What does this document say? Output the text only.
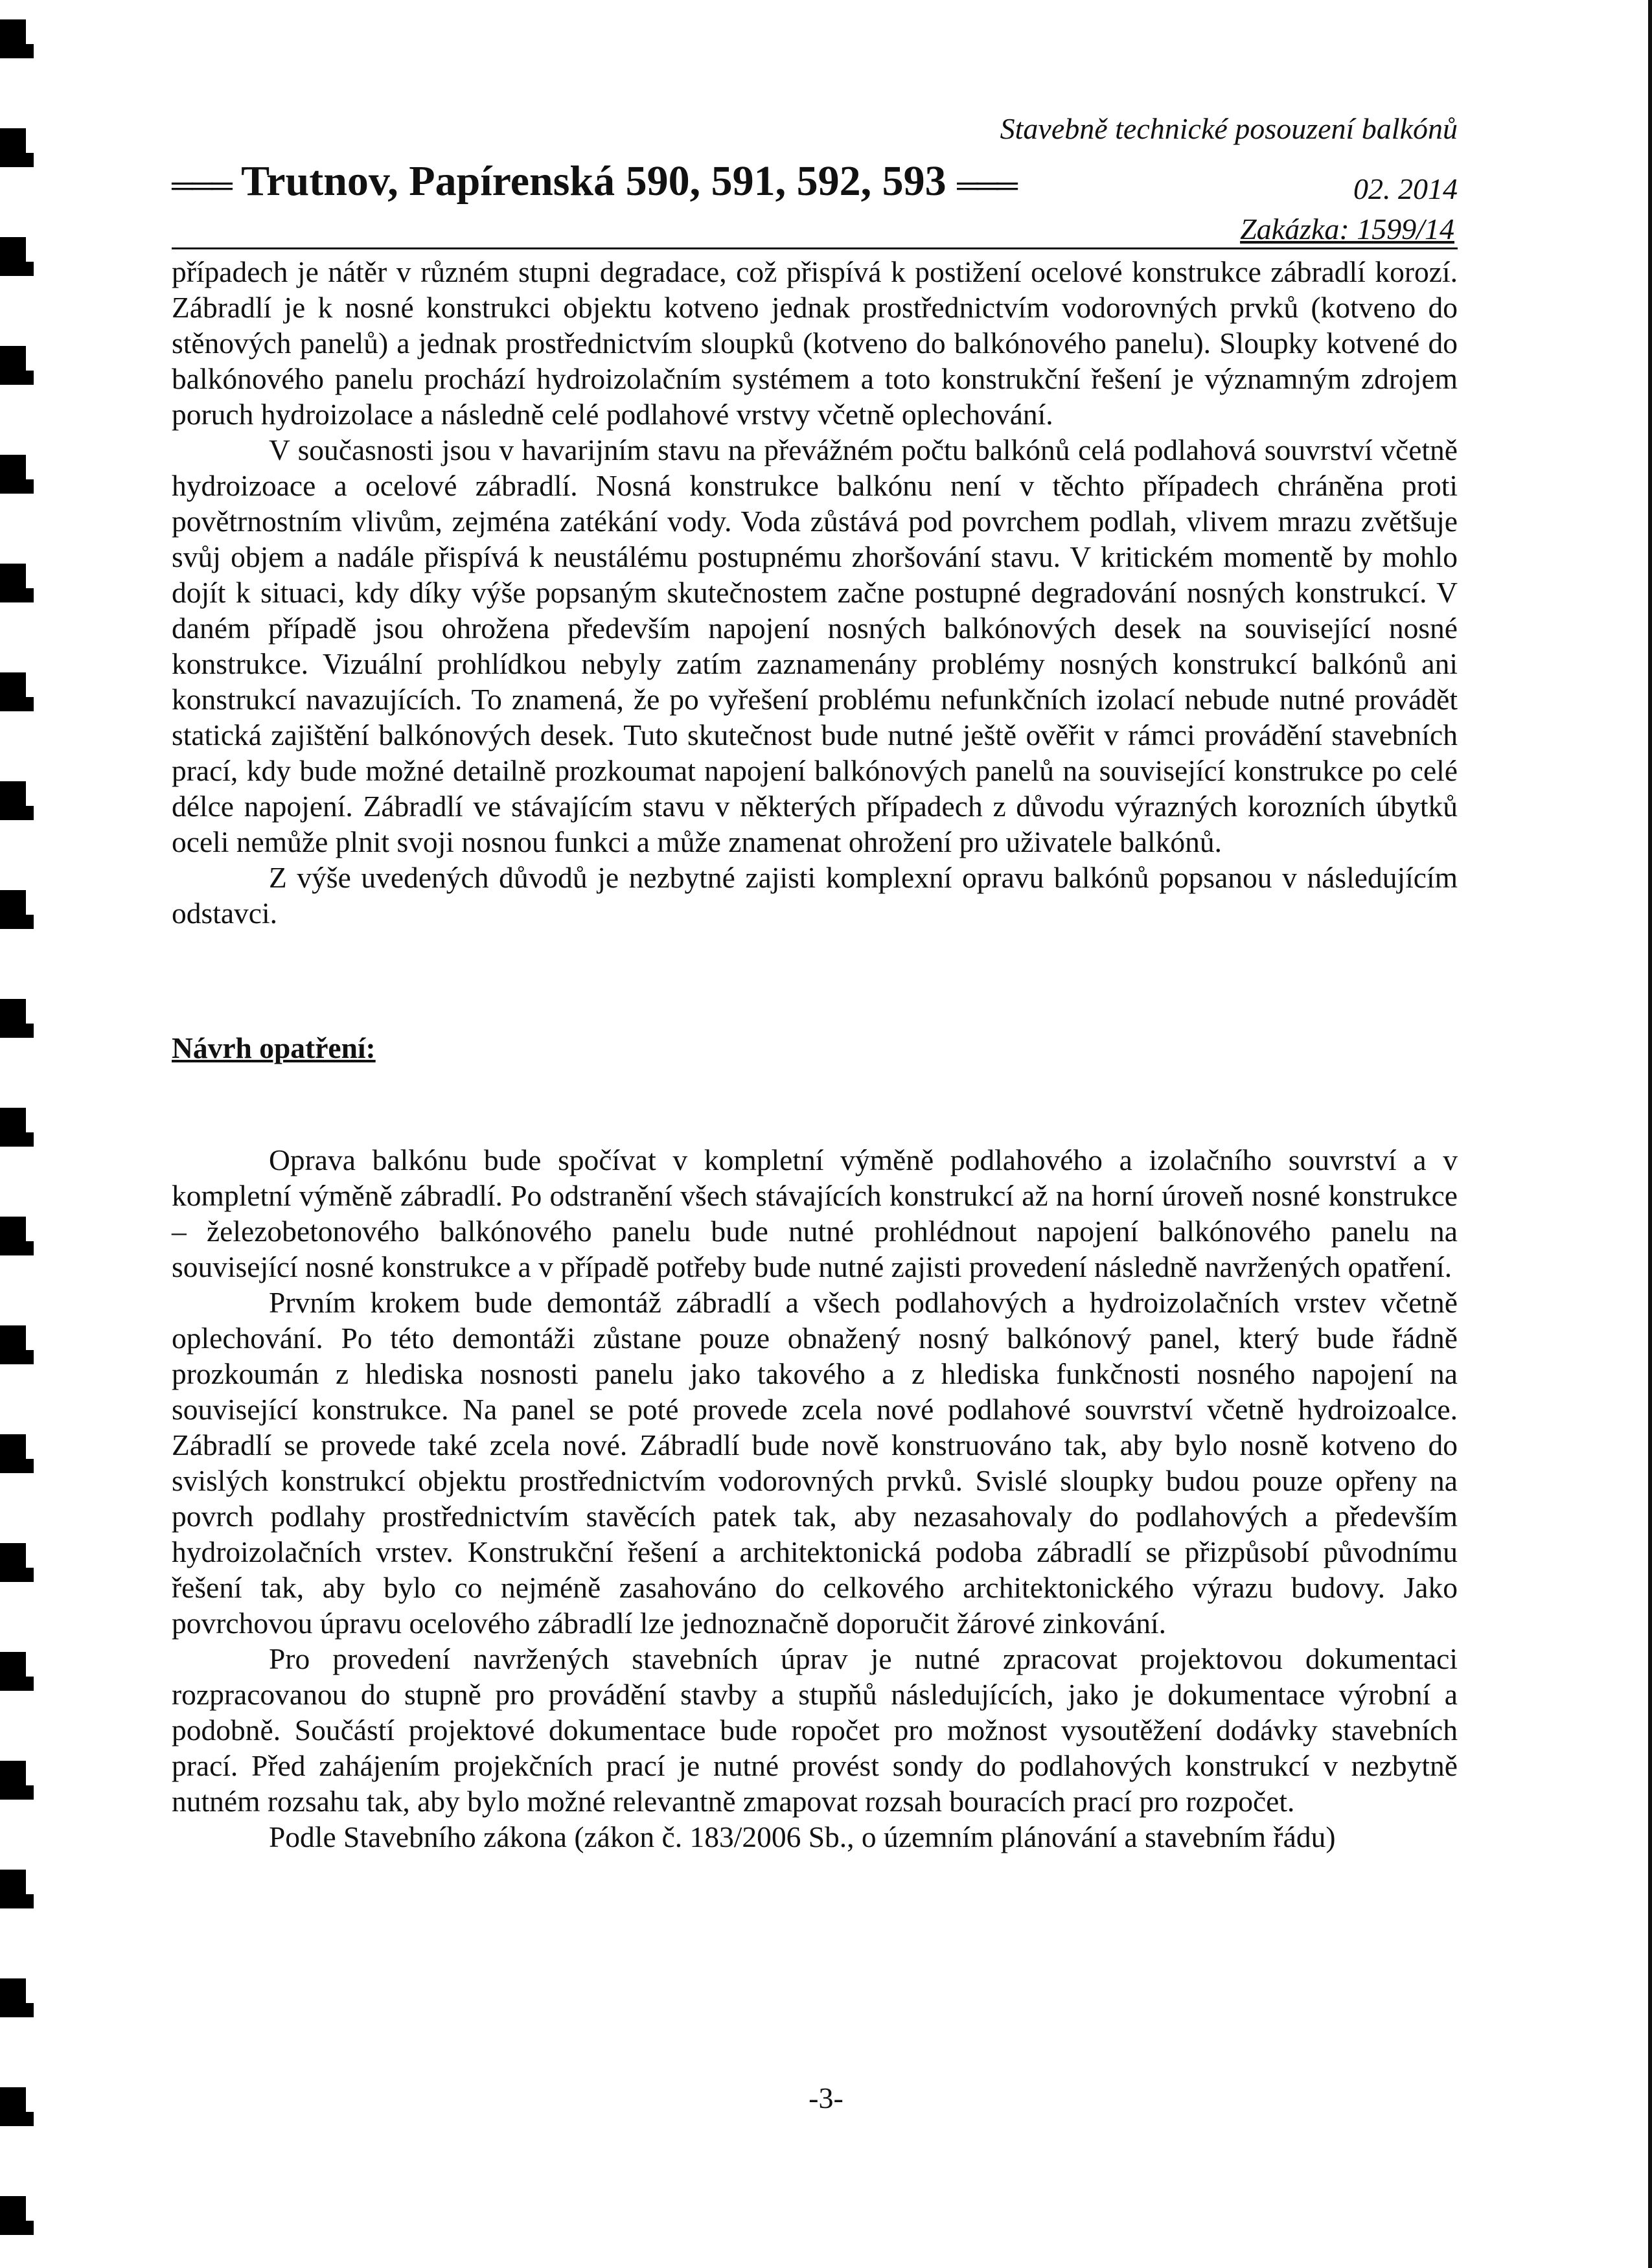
Stavebně technické posouzení balkónů
═══ Trutnov, Papírenská 590, 591, 592, 593 ═══	02. 2014
Zakázka: 1599/14

případech je nátěr v různém stupni degradace, což přispívá k postižení ocelové konstrukce zábradlí korozí. Zábradlí je k nosné konstrukci objektu kotveno jednak prostřednictvím vodorovných prvků (kotveno do stěnových panelů) a jednak prostřednictvím sloupků (kotveno do balkónového panelu). Sloupky kotvené do balkónového panelu prochází hydroizolačním systémem a toto konstrukční řešení je významným zdrojem poruch hydroizolace a následně celé podlahové vrstvy včetně oplechování.

V současnosti jsou v havarijním stavu na převážném počtu balkónů celá podlahová souvrství včetně hydroizoace a ocelové zábradlí. Nosná konstrukce balkónu není v těchto případech chráněna proti povětrnostním vlivům, zejména zatékání vody. Voda zůstává pod povrchem podlah, vlivem mrazu zvětšuje svůj objem a nadále přispívá k neustálému postupnému zhoršování stavu. V kritickém momentě by mohlo dojít k situaci, kdy díky výše popsaným skutečnostem začne postupné degradování nosných konstrukcí. V daném případě jsou ohrožena především napojení nosných balkónových desek na související nosné konstrukce. Vizuální prohlídkou nebyly zatím zaznamenány problémy nosných konstrukcí balkónů ani konstrukcí navazujících. To znamená, že po vyřešení problému nefunkčních izolací nebude nutné provádět statická zajištění balkónových desek. Tuto skutečnost bude nutné ještě ověřit v rámci provádění stavebních prací, kdy bude možné detailně prozkoumat napojení balkónových panelů na související konstrukce po celé délce napojení. Zábradlí ve stávajícím stavu v některých případech z důvodu výrazných korozních úbytků oceli nemůže plnit svoji nosnou funkci a může znamenat ohrožení pro uživatele balkónů.

Z výše uvedených důvodů je nezbytné zajisti komplexní opravu balkónů popsanou v následujícím odstavci.

Návrh opatření:

Oprava balkónu bude spočívat v kompletní výměně podlahového a izolačního souvrství a v kompletní výměně zábradlí. Po odstranění všech stávajících konstrukcí až na horní úroveň nosné konstrukce – železobetonového balkónového panelu bude nutné prohlédnout napojení balkónového panelu na související nosné konstrukce a v případě potřeby bude nutné zajisti provedení následně navržených opatření.

Prvním krokem bude demontáž zábradlí a všech podlahových a hydroizolačních vrstev včetně oplechování. Po této demontáži zůstane pouze obnažený nosný balkónový panel, který bude řádně prozkoumán z hlediska nosnosti panelu jako takového a z hlediska funkčnosti nosného napojení na související konstrukce. Na panel se poté provede zcela nové podlahové souvrství včetně hydroizoalce. Zábradlí se provede také zcela nové. Zábradlí bude nově konstruováno tak, aby bylo nosně kotveno do svislých konstrukcí objektu prostřednictvím vodorovných prvků. Svislé sloupky budou pouze opřeny na povrch podlahy prostřednictvím stavěcích patek tak, aby nezasahovaly do podlahových a především hydroizolačních vrstev. Konstrukční řešení a architektonická podoba zábradlí se přizpůsobí původnímu řešení tak, aby bylo co nejméně zasahováno do celkového architektonického výrazu budovy. Jako povrchovou úpravu ocelového zábradlí lze jednoznačně doporučit žárové zinkování.

Pro provedení navržených stavebních úprav je nutné zpracovat projektovou dokumentaci rozpracovanou do stupně pro provádění stavby a stupňů následujících, jako je dokumentace výrobní a podobně. Součástí projektové dokumentace bude ropočet pro možnost vysoutěžení dodávky stavebních prací. Před zahájením projekčních prací je nutné provést sondy do podlahových konstrukcí v nezbytně nutném rozsahu tak, aby bylo možné relevantně zmapovat rozsah bouracích prací pro rozpočet.

Podle Stavebního zákona (zákon č. 183/2006 Sb., o územním plánování a stavebním řádu)

-3-
